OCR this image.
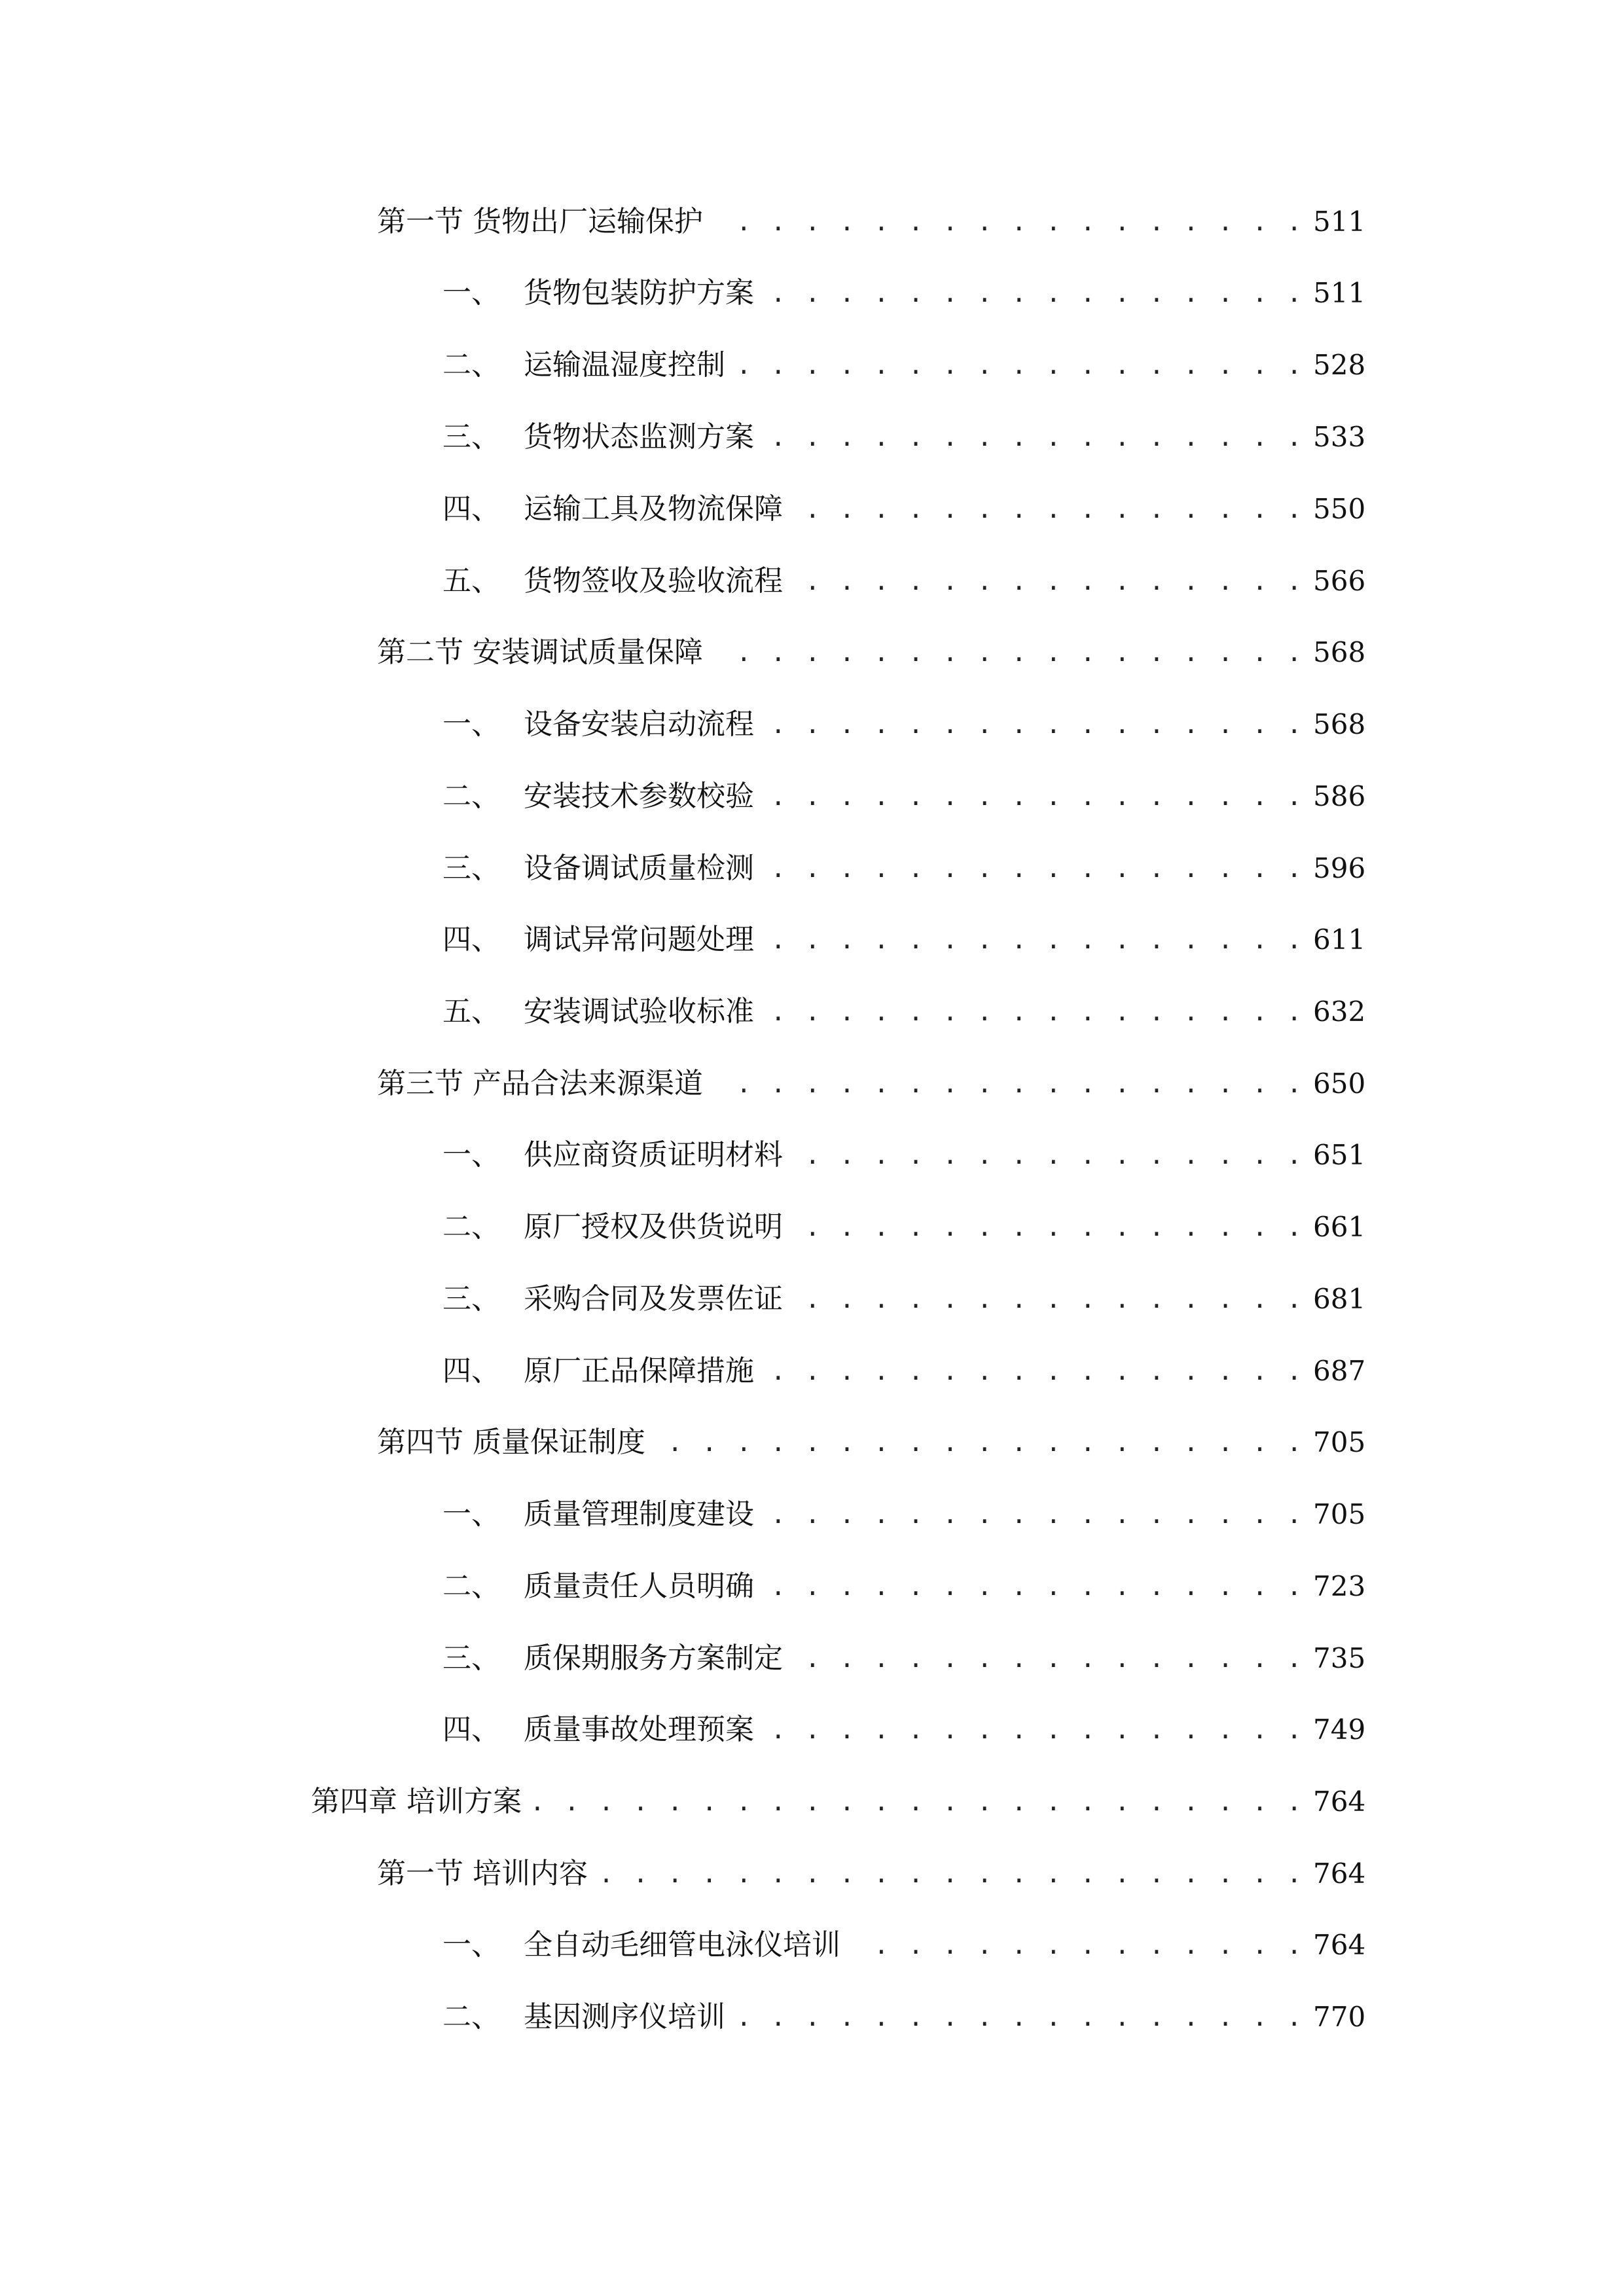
第一节 货物出厂运输保护 . . .	511
一、 货物包装防护方案 . . .	511
二、 运输温湿度控制 . . .	528
三、 货物状态监测方案 . . .	533
四、 运输工具及物流保障 . . .	550
五、 货物签收及验收流程 . . .	566
第二节 安装调试质量保障 . . .	568
一、 设备安装启动流程 . . .	568
二、 安装技术参数校验 . . .	586
三、 设备调试质量检测 . . .	596
四、 调试异常问题处理 . . .	611
五、 安装调试验收标准 . . .	632
第三节 产品合法来源渠道 . . .	650
一、 供应商资质证明材料 . . .	651
二、 原厂授权及供货说明 . . .	661
三、 采购合同及发票佐证 . . .	681
四、 原厂正品保障措施 . . .	687
第四节 质量保证制度 . . .	705
一、 质量管理制度建设 . . .	705
二、 质量责任人员明确 . . .	723
三、 质保期服务方案制定 . . .	735
四、 质量事故处理预案 . . .	749
第四章 培训方案 . . .	764
第一节 培训内容 . . .	764
一、 全自动毛细管电泳仪培训 . . .	764
二、 基因测序仪培训 . . .	770
